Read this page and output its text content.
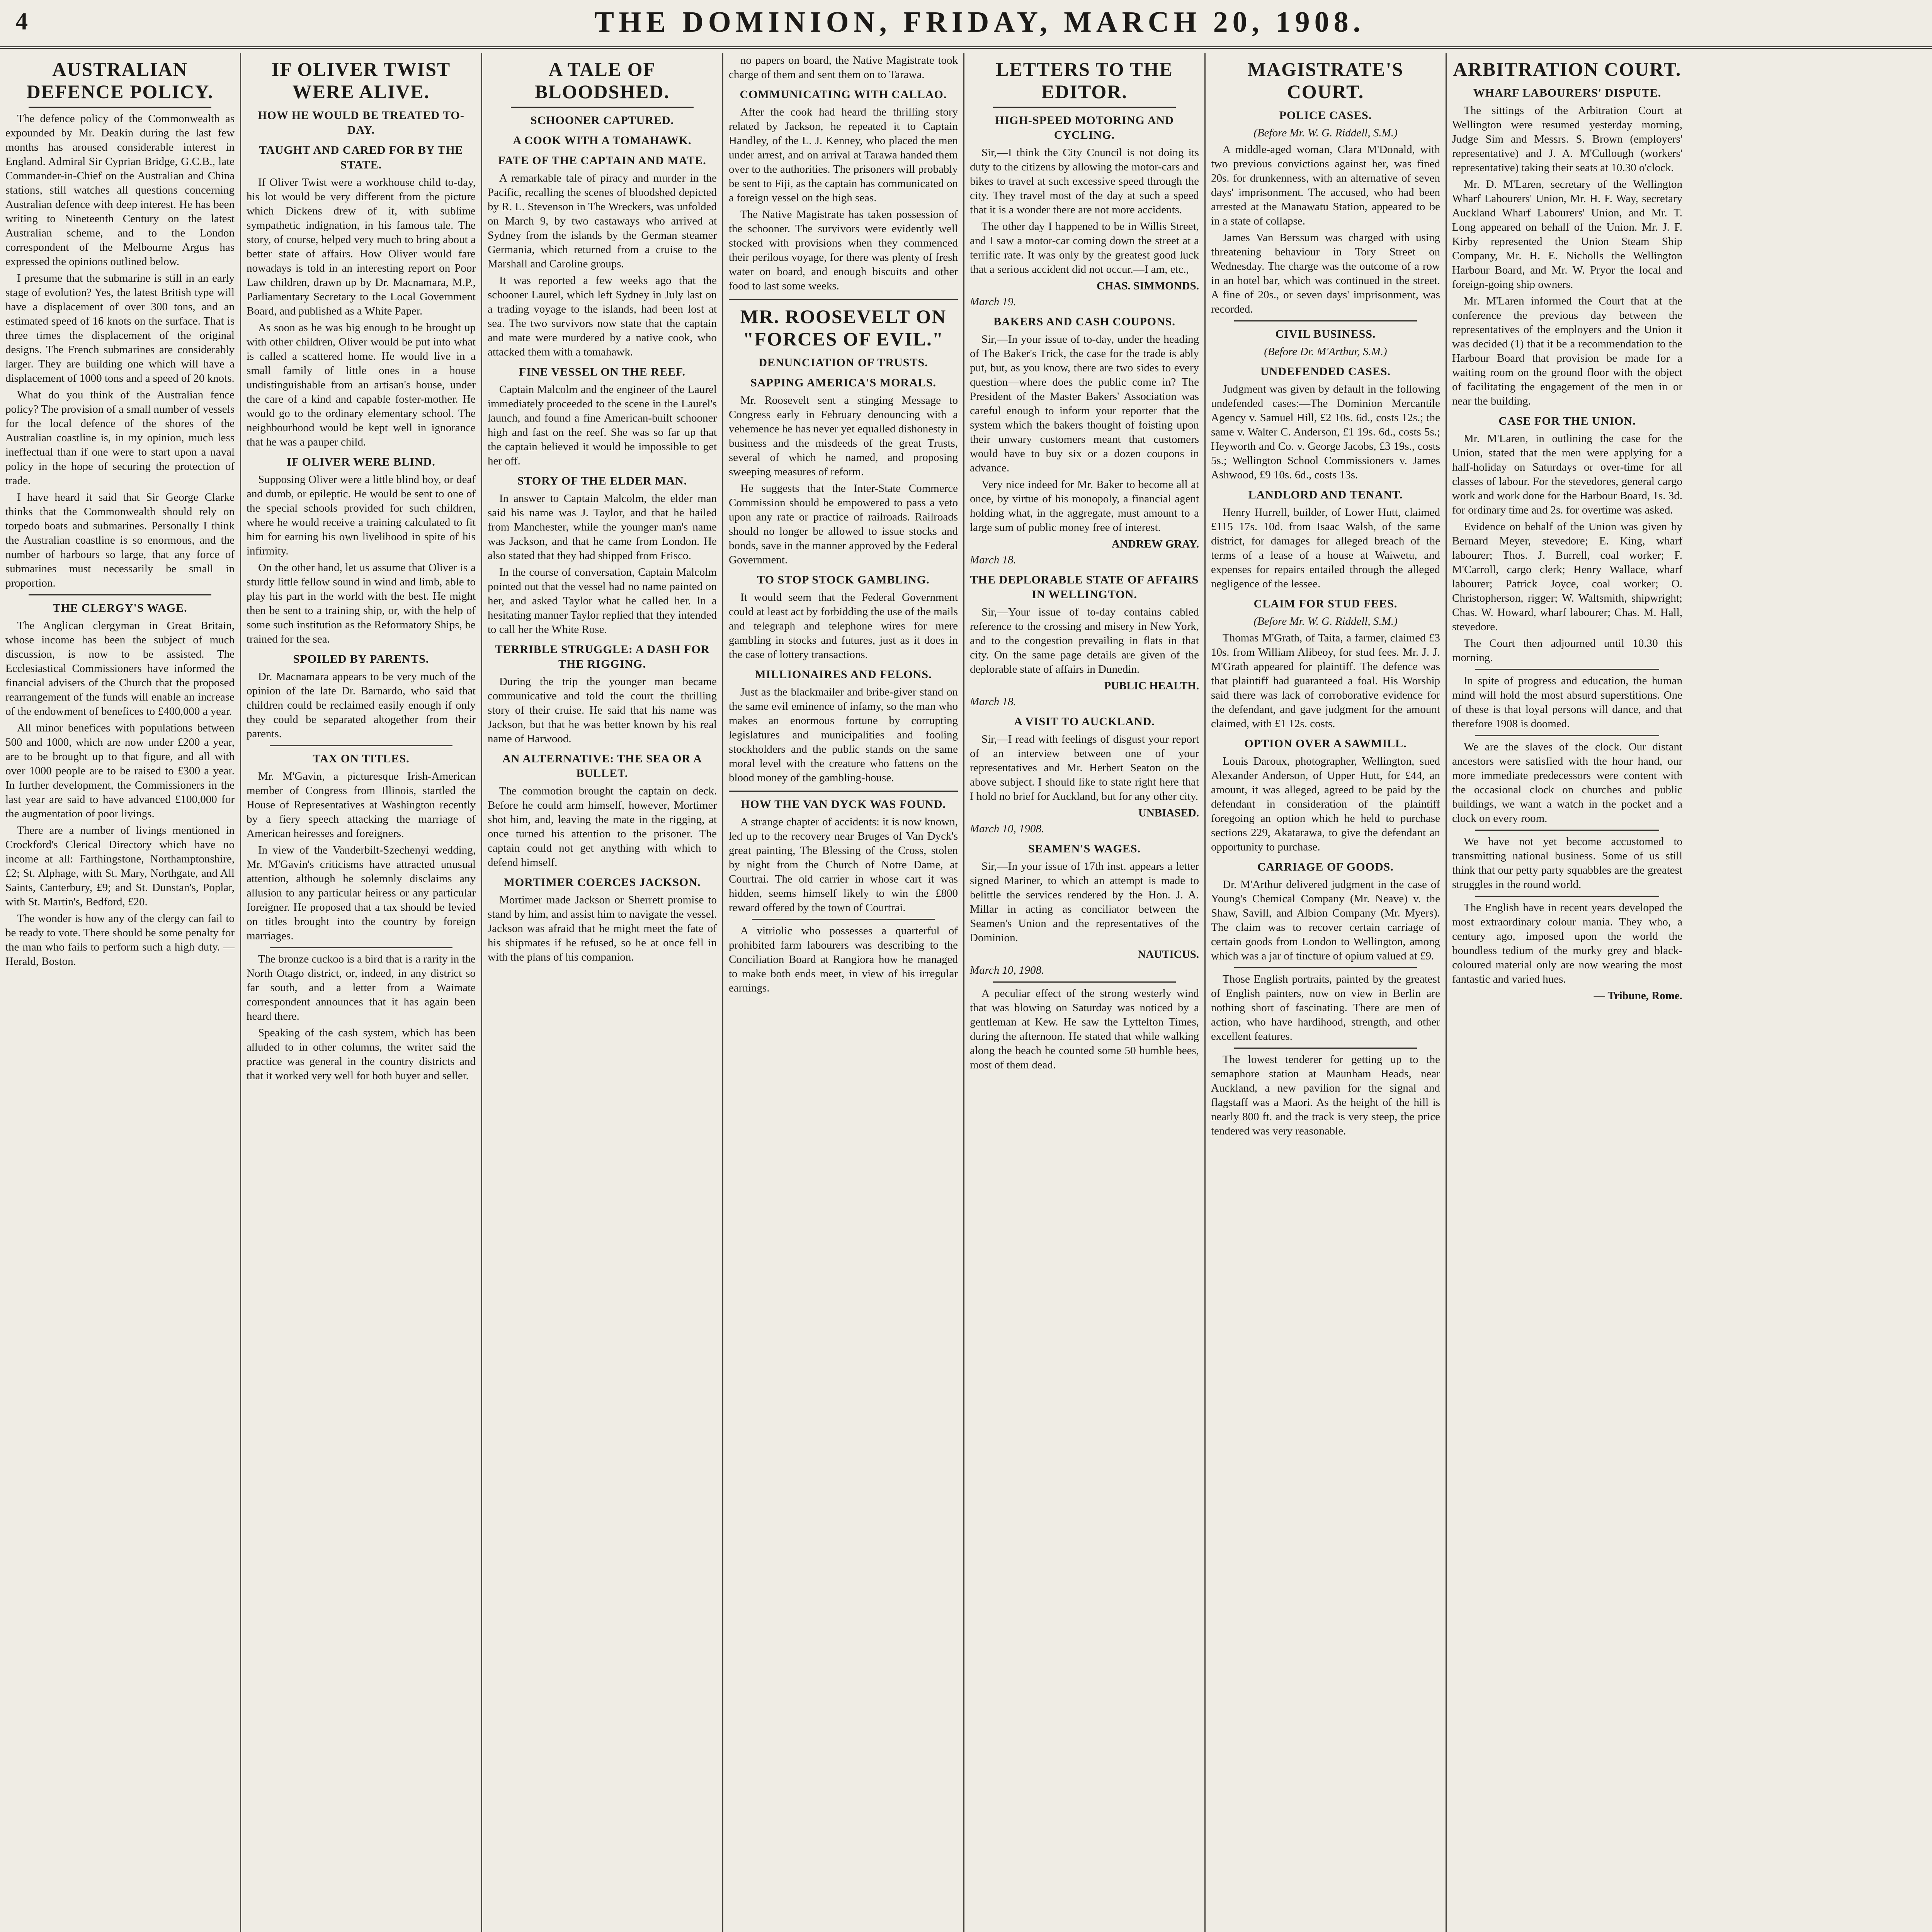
4	THE DOMINION, FRIDAY, MARCH 20, 1908.
AUSTRALIAN DEFENCE POLICY.

The defence policy of the Commonwealth as expounded by Mr. Deakin during the last few months has aroused considerable interest in England. Admiral Sir Cyprian Bridge, G.C.B., late Commander-in-Chief on the Australian and China stations, still watches all questions concerning Australian defence with deep interest. He has been writing to Nineteenth Century on the latest Australian scheme, and to the London correspondent of the Melbourne Argus has expressed the opinions outlined below.

I presume that the submarine is still in an early stage of evolution? Yes, the latest British type will have a displacement of over 300 tons, and an estimated speed of 16 knots on the surface. That is three times the displacement of the original designs. The French submarines are considerably larger. They are building one which will have a displacement of 1000 tons and a speed of 20 knots.

What do you think of the Australian fence policy? The provision of a small number of vessels for the local defence of the shores of the Australian coastline is, in my opinion, much less ineffectual than if one were to start upon a naval policy in the hope of securing the protection of trade.

I have heard it said that Sir George Clarke thinks that the Commonwealth should rely on torpedo boats and submarines. Personally I think the Australian coastline is so enormous, and the number of harbours so large, that any force of submarines must necessarily be small in proportion.

THE CLERGY'S WAGE.

The Anglican clergyman in Great Britain, whose income has been the subject of much discussion, is now to be assisted. The Ecclesiastical Commissioners have informed the financial advisers of the Church that the proposed rearrangement of the funds will enable an increase of the endowment of benefices to £400,000 a year.

All minor benefices with populations between 500 and 1000, which are now under £200 a year, are to be brought up to that figure, and all with over 1000 people are to be raised to £300 a year. In further development, the Commissioners in the last year are said to have advanced £100,000 for the augmentation of poor livings.

There are a number of livings mentioned in Crockford's Clerical Directory which have no income at all: Farthingstone, Northamptonshire, £2; St. Alphage, with St. Mary, Northgate, and All Saints, Canterbury, £9; and St. Dunstan's, Poplar, with St. Martin's, Bedford, £20.

The wonder is how any of the clergy can fail to be ready to vote. There should be some penalty for the man who fails to perform such a high duty. — Herald, Boston.

IF OLIVER TWIST WERE ALIVE.
HOW HE WOULD BE TREATED TO-DAY.
TAUGHT AND CARED FOR BY THE STATE.

If Oliver Twist were a workhouse child to-day, his lot would be very different from the picture which Dickens drew of it, with sublime sympathetic indignation, in his famous tale. The story, of course, helped very much to bring about a better state of affairs. How Oliver would fare nowadays is told in an interesting report on Poor Law children, drawn up by Dr. Macnamara, M.P., Parliamentary Secretary to the Local Government Board, and published as a White Paper.

As soon as he was big enough to be brought up with other children, Oliver would be put into what is called a scattered home. He would live in a small family of little ones in a house undistinguishable from an artisan's house, under the care of a kind and capable foster-mother. He would go to the ordinary elementary school. The neighbourhood would be kept well in ignorance that he was a pauper child.

IF OLIVER WERE BLIND.

Supposing Oliver were a little blind boy, or deaf and dumb, or epileptic. He would be sent to one of the special schools provided for such children, where he would receive a training calculated to fit him for earning his own livelihood in spite of his infirmity.

On the other hand, let us assume that Oliver is a sturdy little fellow sound in wind and limb, able to play his part in the world with the best. He might then be sent to a training ship, or, with the help of some such institution as the Reformatory Ships, be trained for the sea.

SPOILED BY PARENTS.

Dr. Macnamara appears to be very much of the opinion of the late Dr. Barnardo, who said that children could be reclaimed easily enough if only they could be separated altogether from their parents.

TAX ON TITLES.

Mr. M'Gavin, a picturesque Irish-American member of Congress from Illinois, startled the House of Representatives at Washington recently by a fiery speech attacking the marriage of American heiresses and foreigners.

In view of the Vanderbilt-Szechenyi wedding, Mr. M'Gavin's criticisms have attracted unusual attention, although he solemnly disclaims any allusion to any particular heiress or any particular foreigner. He proposed that a tax should be levied on titles brought into the country by foreign marriages.

The bronze cuckoo is a bird that is a rarity in the North Otago district, or, indeed, in any district so far south, and a letter from a Waimate correspondent announces that it has again been heard there.

Speaking of the cash system, which has been alluded to in other columns, the writer said the practice was general in the country districts and that it worked very well for both buyer and seller.

A TALE OF BLOODSHED.
SCHOONER CAPTURED.
A COOK WITH A TOMAHAWK.
FATE OF THE CAPTAIN AND MATE.

A remarkable tale of piracy and murder in the Pacific, recalling the scenes of bloodshed depicted by R. L. Stevenson in The Wreckers, was unfolded on March 9, by two castaways who arrived at Sydney from the islands by the German steamer Germania, which returned from a cruise to the Marshall and Caroline groups.

It was reported a few weeks ago that the schooner Laurel, which left Sydney in July last on a trading voyage to the islands, had been lost at sea. The two survivors now state that the captain and mate were murdered by a native cook, who attacked them with a tomahawk.

FINE VESSEL ON THE REEF.

Captain Malcolm and the engineer of the Laurel immediately proceeded to the scene in the Laurel's launch, and found a fine American-built schooner high and fast on the reef. She was so far up that the captain believed it would be impossible to get her off.

STORY OF THE ELDER MAN.

In answer to Captain Malcolm, the elder man said his name was J. Taylor, and that he hailed from Manchester, while the younger man's name was Jackson, and that he came from London. He also stated that they had shipped from Frisco.

In the course of conversation, Captain Malcolm pointed out that the vessel had no name painted on her, and asked Taylor what he called her. In a hesitating manner Taylor replied that they intended to call her the White Rose.

TERRIBLE STRUGGLE: A DASH FOR THE RIGGING.

During the trip the younger man became communicative and told the court the thrilling story of their cruise. He said that his name was Jackson, but that he was better known by his real name of Harwood.

AN ALTERNATIVE: THE SEA OR A BULLET.

The commotion brought the captain on deck. Before he could arm himself, however, Mortimer shot him, and, leaving the mate in the rigging, at once turned his attention to the prisoner. The captain could not get anything with which to defend himself.

MORTIMER COERCES JACKSON.

Mortimer made Jackson or Sherrett promise to stand by him, and assist him to navigate the vessel. Jackson was afraid that he might meet the fate of his shipmates if he refused, so he at once fell in with the plans of his companion.

no papers on board, the Native Magistrate took charge of them and sent them on to Tarawa.

COMMUNICATING WITH CALLAO.

After the cook had heard the thrilling story related by Jackson, he repeated it to Captain Handley, of the L. J. Kenney, who placed the men under arrest, and on arrival at Tarawa handed them over to the authorities. The prisoners will probably be sent to Fiji, as the captain has communicated on a foreign vessel on the high seas.

The Native Magistrate has taken possession of the schooner. The survivors were evidently well stocked with provisions when they commenced their perilous voyage, for there was plenty of fresh water on board, and enough biscuits and other food to last some weeks.

MR. ROOSEVELT ON "FORCES OF EVIL."
DENUNCIATION OF TRUSTS.
SAPPING AMERICA'S MORALS.

Mr. Roosevelt sent a stinging Message to Congress early in February denouncing with a vehemence he has never yet equalled dishonesty in business and the misdeeds of the great Trusts, several of which he named, and proposing sweeping measures of reform.

He suggests that the Inter-State Commerce Commission should be empowered to pass a veto upon any rate or practice of railroads. Railroads should no longer be allowed to issue stocks and bonds, save in the manner approved by the Federal Government.

TO STOP STOCK GAMBLING.

It would seem that the Federal Government could at least act by forbidding the use of the mails and telegraph and telephone wires for mere gambling in stocks and futures, just as it does in the case of lottery transactions.

MILLIONAIRES AND FELONS.

Just as the blackmailer and bribe-giver stand on the same evil eminence of infamy, so the man who makes an enormous fortune by corrupting legislatures and municipalities and fooling stockholders and the public stands on the same moral level with the creature who fattens on the blood money of the gambling-house.

HOW THE VAN DYCK WAS FOUND.

A strange chapter of accidents: it is now known, led up to the recovery near Bruges of Van Dyck's great painting, The Blessing of the Cross, stolen by night from the Church of Notre Dame, at Courtrai. The old carrier in whose cart it was hidden, seems himself likely to win the £800 reward offered by the town of Courtrai.

A vitriolic who possesses a quarterful of prohibited farm labourers was describing to the Conciliation Board at Rangiora how he managed to make both ends meet, in view of his irregular earnings.

LETTERS TO THE EDITOR.
HIGH-SPEED MOTORING AND CYCLING.

Sir,—I think the City Council is not doing its duty to the citizens by allowing the motor-cars and bikes to travel at such excessive speed through the city. They travel most of the day at such a speed that it is a wonder there are not more accidents.

The other day I happened to be in Willis Street, and I saw a motor-car coming down the street at a terrific rate. It was only by the greatest good luck that a serious accident did not occur.—I am, etc.,

CHAS. SIMMONDS.

March 19.

BAKERS AND CASH COUPONS.

Sir,—In your issue of to-day, under the heading of The Baker's Trick, the case for the trade is ably put, but, as you know, there are two sides to every question—where does the public come in? The President of the Master Bakers' Association was careful enough to inform your reporter that the system which the bakers thought of foisting upon their unwary customers meant that customers would have to buy six or a dozen coupons in advance.

Very nice indeed for Mr. Baker to become all at once, by virtue of his monopoly, a financial agent holding what, in the aggregate, must amount to a large sum of public money free of interest.

ANDREW GRAY.

March 18.

THE DEPLORABLE STATE OF AFFAIRS IN WELLINGTON.

Sir,—Your issue of to-day contains cabled reference to the crossing and misery in New York, and to the congestion prevailing in flats in that city. On the same page details are given of the deplorable state of affairs in Dunedin.

PUBLIC HEALTH.

March 18.

A VISIT TO AUCKLAND.

Sir,—I read with feelings of disgust your report of an interview between one of your representatives and Mr. Herbert Seaton on the above subject. I should like to state right here that I hold no brief for Auckland, but for any other city.

UNBIASED.

March 10, 1908.

SEAMEN'S WAGES.

Sir,—In your issue of 17th inst. appears a letter signed Mariner, to which an attempt is made to belittle the services rendered by the Hon. J. A. Millar in acting as conciliator between the Seamen's Union and the representatives of the Dominion.

NAUTICUS.

March 10, 1908.

A peculiar effect of the strong westerly wind that was blowing on Saturday was noticed by a gentleman at Kew. He saw the Lyttelton Times, during the afternoon. He stated that while walking along the beach he counted some 50 humble bees, most of them dead.

MAGISTRATE'S COURT.
POLICE CASES.

(Before Mr. W. G. Riddell, S.M.)

A middle-aged woman, Clara M'Donald, with two previous convictions against her, was fined 20s. for drunkenness, with an alternative of seven days' imprisonment. The accused, who had been arrested at the Manawatu Station, appeared to be in a state of collapse.

James Van Berssum was charged with using threatening behaviour in Tory Street on Wednesday. The charge was the outcome of a row in an hotel bar, which was continued in the street. A fine of 20s., or seven days' imprisonment, was recorded.

CIVIL BUSINESS.

(Before Dr. M'Arthur, S.M.)

UNDEFENDED CASES.

Judgment was given by default in the following undefended cases:—The Dominion Mercantile Agency v. Samuel Hill, £2 10s. 6d., costs 12s.; the same v. Walter C. Anderson, £1 19s. 6d., costs 5s.; Heyworth and Co. v. George Jacobs, £3 19s., costs 5s.; Wellington School Commissioners v. James Ashwood, £9 10s. 6d., costs 13s.

LANDLORD AND TENANT.

Henry Hurrell, builder, of Lower Hutt, claimed £115 17s. 10d. from Isaac Walsh, of the same district, for damages for alleged breach of the terms of a lease of a house at Waiwetu, and expenses for repairs entailed through the alleged negligence of the lessee.

CLAIM FOR STUD FEES.

(Before Mr. W. G. Riddell, S.M.)

Thomas M'Grath, of Taita, a farmer, claimed £3 10s. from William Alibeoy, for stud fees. Mr. J. J. M'Grath appeared for plaintiff. The defence was that plaintiff had guaranteed a foal. His Worship said there was lack of corroborative evidence for the defendant, and gave judgment for the amount claimed, with £1 12s. costs.

OPTION OVER A SAWMILL.

Louis Daroux, photographer, Wellington, sued Alexander Anderson, of Upper Hutt, for £44, an amount, it was alleged, agreed to be paid by the defendant in consideration of the plaintiff foregoing an option which he held to purchase sections 229, Akatarawa, to give the defendant an opportunity to purchase.

CARRIAGE OF GOODS.

Dr. M'Arthur delivered judgment in the case of Young's Chemical Company (Mr. Neave) v. the Shaw, Savill, and Albion Company (Mr. Myers). The claim was to recover certain carriage of certain goods from London to Wellington, among which was a jar of tincture of opium valued at £9.

Those English portraits, painted by the greatest of English painters, now on view in Berlin are nothing short of fascinating. There are men of action, who have hardihood, strength, and other excellent features.

The lowest tenderer for getting up to the semaphore station at Maunham Heads, near Auckland, a new pavilion for the signal and flagstaff was a Maori. As the height of the hill is nearly 800 ft. and the track is very steep, the price tendered was very reasonable.

ARBITRATION COURT.
WHARF LABOURERS' DISPUTE.

The sittings of the Arbitration Court at Wellington were resumed yesterday morning, Judge Sim and Messrs. S. Brown (employers' representative) and J. A. M'Cullough (workers' representative) taking their seats at 10.30 o'clock.

Mr. D. M'Laren, secretary of the Wellington Wharf Labourers' Union, Mr. H. F. Way, secretary Auckland Wharf Labourers' Union, and Mr. T. Long appeared on behalf of the Union. Mr. J. F. Kirby represented the Union Steam Ship Company, Mr. H. E. Nicholls the Wellington Harbour Board, and Mr. W. Pryor the local and foreign-going ship owners.

Mr. M'Laren informed the Court that at the conference the previous day between the representatives of the employers and the Union it was decided (1) that it be a recommendation to the Harbour Board that provision be made for a waiting room on the ground floor with the object of facilitating the engagement of the men in or near the building.

CASE FOR THE UNION.

Mr. M'Laren, in outlining the case for the Union, stated that the men were applying for a half-holiday on Saturdays or over-time for all classes of labour. For the stevedores, general cargo work and work done for the Harbour Board, 1s. 3d. for ordinary time and 2s. for overtime was asked.

Evidence on behalf of the Union was given by Bernard Meyer, stevedore; E. King, wharf labourer; Thos. J. Burrell, coal worker; F. M'Carroll, cargo clerk; Henry Wallace, wharf labourer; Patrick Joyce, coal worker; O. Christopherson, rigger; W. Waltsmith, shipwright; Chas. W. Howard, wharf labourer; Chas. M. Hall, stevedore.

The Court then adjourned until 10.30 this morning.

In spite of progress and education, the human mind will hold the most absurd superstitions. One of these is that loyal persons will dance, and that therefore 1908 is doomed.

We are the slaves of the clock. Our distant ancestors were satisfied with the hour hand, our more immediate predecessors were content with the occasional clock on churches and public buildings, we want a watch in the pocket and a clock on every room.

We have not yet become accustomed to transmitting national business. Some of us still think that our petty party squabbles are the greatest struggles in the round world.

The English have in recent years developed the most extraordinary colour mania. They who, a century ago, imposed upon the world the boundless tedium of the murky grey and black-coloured material only are now wearing the most fantastic and varied hues.

— Tribune, Rome.
